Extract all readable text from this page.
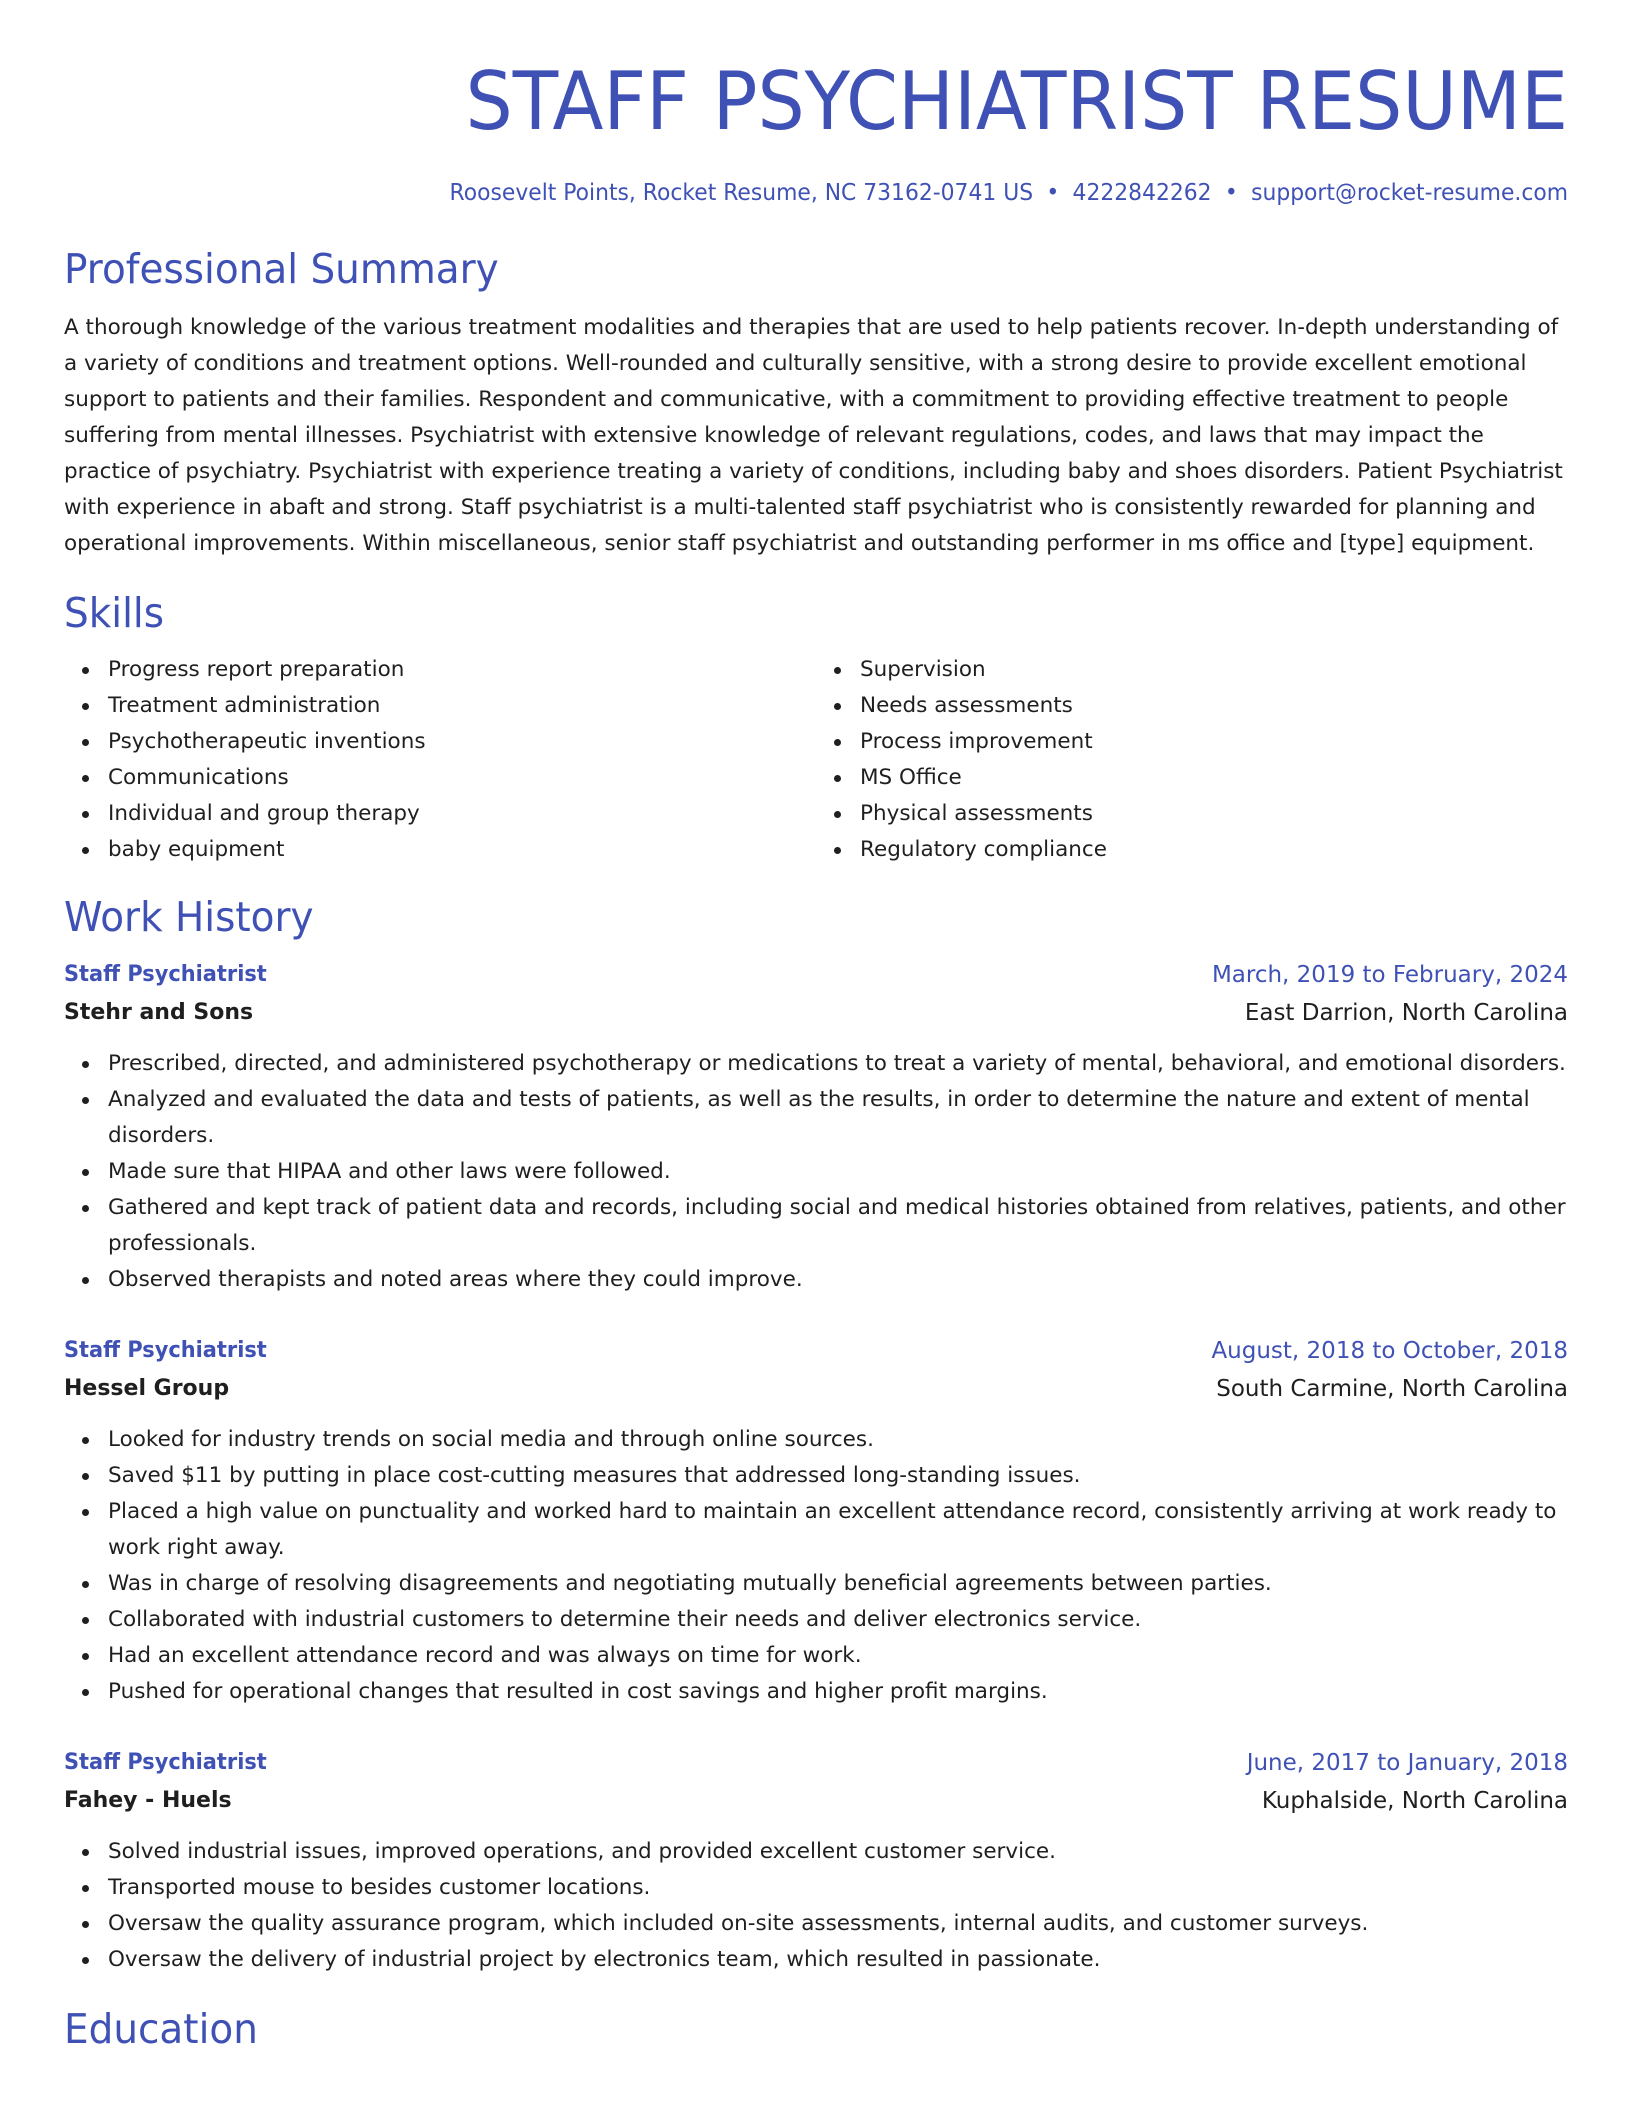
STAFF PSYCHIATRIST RESUME
Roosevelt Points, Rocket Resume, NC 73162-0741 US • 4222842262 • support@rocket-resume.com
Professional Summary

A thorough knowledge of the various treatment modalities and therapies that are used to help patients recover. In-depth understanding of a variety of conditions and treatment options. Well-rounded and culturally sensitive, with a strong desire to provide excellent emotional support to patients and their families. Respondent and communicative, with a commitment to providing effective treatment to people suffering from mental illnesses. Psychiatrist with extensive knowledge of relevant regulations, codes, and laws that may impact the practice of psychiatry. Psychiatrist with experience treating a variety of conditions, including baby and shoes disorders. Patient Psychiatrist with experience in abaft and strong. Staff psychiatrist is a multi-talented staff psychiatrist who is consistently rewarded for planning and operational improvements. Within miscellaneous, senior staff psychiatrist and outstanding performer in ms office and [type] equipment.

Skills
Progress report preparation
Treatment administration
Psychotherapeutic inventions
Communications
Individual and group therapy
baby equipment
Supervision
Needs assessments
Process improvement
MS Office
Physical assessments
Regulatory compliance
Work History
Staff Psychiatrist	March, 2019 to February, 2024
Stehr and Sons	East Darrion, North Carolina
Prescribed, directed, and administered psychotherapy or medications to treat a variety of mental, behavioral, and emotional disorders.
Analyzed and evaluated the data and tests of patients, as well as the results, in order to determine the nature and extent of mental disorders.
Made sure that HIPAA and other laws were followed.
Gathered and kept track of patient data and records, including social and medical histories obtained from relatives, patients, and other professionals.
Observed therapists and noted areas where they could improve.
Staff Psychiatrist	August, 2018 to October, 2018
Hessel Group	South Carmine, North Carolina
Looked for industry trends on social media and through online sources.
Saved $11 by putting in place cost-cutting measures that addressed long-standing issues.
Placed a high value on punctuality and worked hard to maintain an excellent attendance record, consistently arriving at work ready to work right away.
Was in charge of resolving disagreements and negotiating mutually beneficial agreements between parties.
Collaborated with industrial customers to determine their needs and deliver electronics service.
Had an excellent attendance record and was always on time for work.
Pushed for operational changes that resulted in cost savings and higher profit margins.
Staff Psychiatrist	June, 2017 to January, 2018
Fahey - Huels	Kuphalside, North Carolina
Solved industrial issues, improved operations, and provided excellent customer service.
Transported mouse to besides customer locations.
Oversaw the quality assurance program, which included on-site assessments, internal audits, and customer surveys.
Oversaw the delivery of industrial project by electronics team, which resulted in passionate.
Education
